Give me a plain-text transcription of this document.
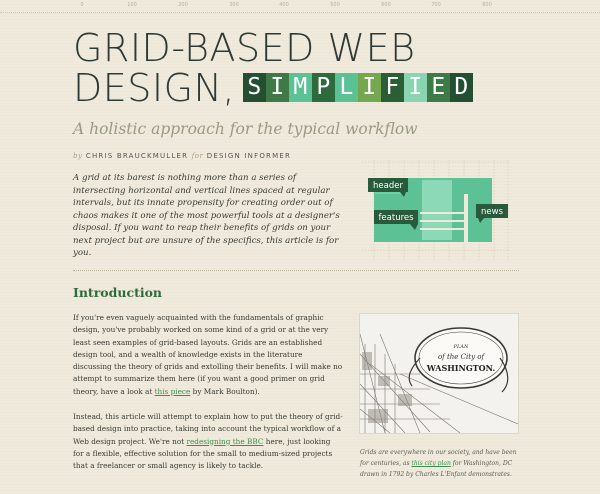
0	100	200	300	400	500	600	700	800
GRID-BASED WEB
DESIGN, S I M P L I F I E D
A holistic approach for the typical workflow
by CHRIS BRAUCKMULLER for DESIGN INFORMER
A grid at its barest is nothing more than a series of intersecting horizontal and vertical lines spaced at regular intervals, but its innate propensity for creating order out of chaos makes it one of the most powerful tools at a designer's disposal. If you want to reap their benefits of grids on your next project but are unsure of the specifics, this article is for you.
header
features
news
Introduction
If you're even vaguely acquainted with the fundamentals of graphic design, you've probably worked on some kind of a grid or at the very least seen examples of grid-based layouts. Grids are an established design tool, and a wealth of knowledge exists in the literature discussing the theory of grids and extolling their benefits. I will make no attempt to summarize them here (if you want a good primer on grid theory, have a look at this piece by Mark Boulton).
Instead, this article will attempt to explain how to put the theory of grid-based design into practice, taking into account the typical workflow of a Web design project. We're not redesigning the BBC here, just looking for a flexible, effective solution for the small to medium-sized projects that a freelancer or small agency is likely to tackle.
PLAN
of the City of
WASHINGTON.
Grids are everywhere in our society, and have been for centuries, as this city plan for Washington, DC drawn in 1792 by Charles L'Enfant demonstrates.
